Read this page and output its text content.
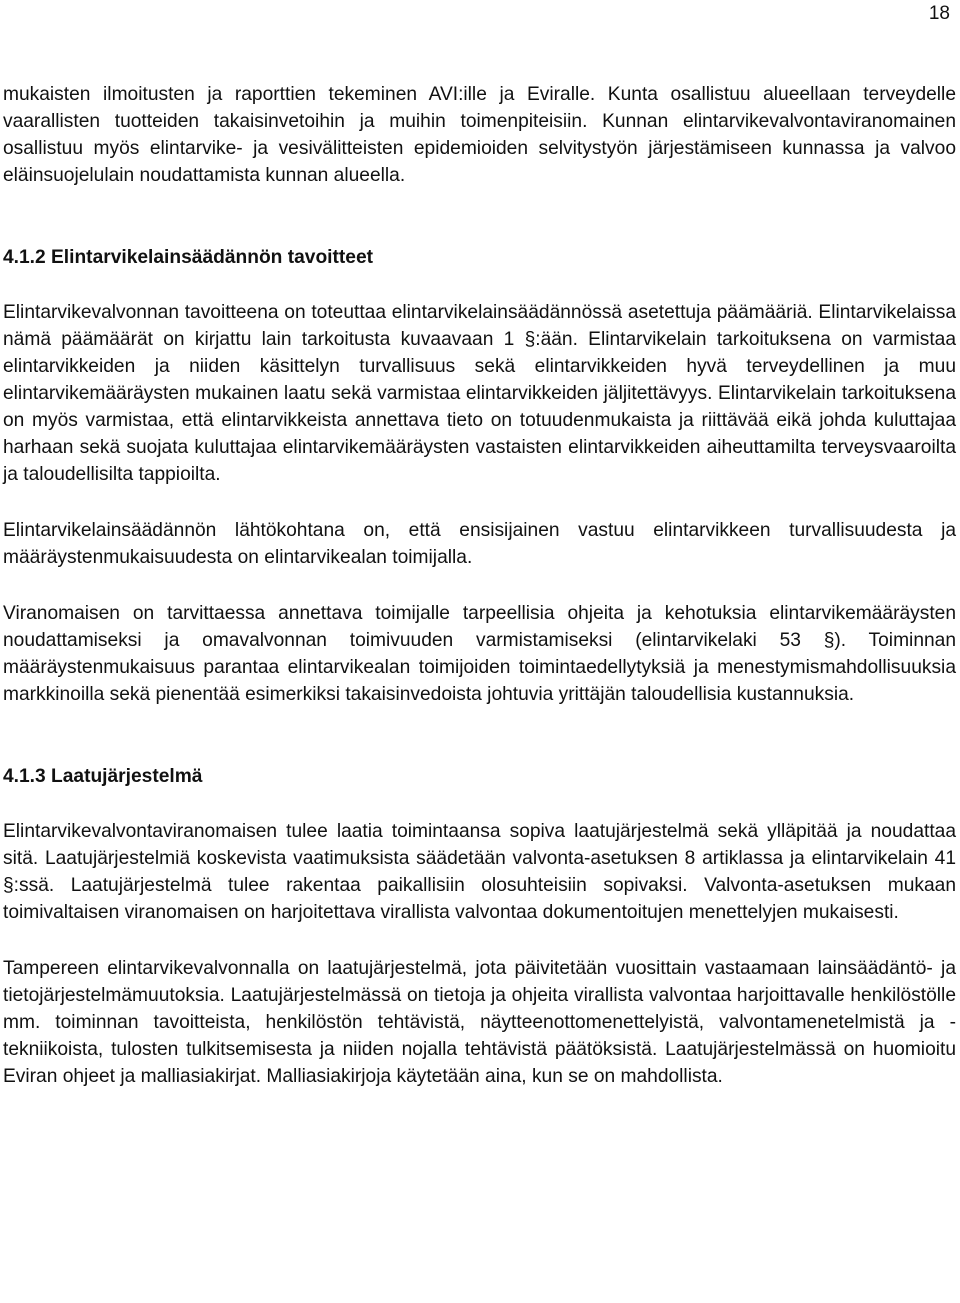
18

mukaisten ilmoitusten ja raporttien tekeminen AVI:ille ja Eviralle. Kunta osallistuu alueellaan terveydelle vaarallisten tuotteiden takaisinvetoihin ja muihin toimenpiteisiin. Kunnan elintarvikevalvontaviranomainen osallistuu myös elintarvike- ja vesivälitteisten epidemioiden selvitystyön järjestämiseen kunnassa ja valvoo eläinsuojelulain noudattamista kunnan alueella.

4.1.2 Elintarvikelainsäädännön tavoitteet

Elintarvikevalvonnan tavoitteena on toteuttaa elintarvikelainsäädännössä asetettuja päämääriä. Elintarvikelaissa nämä päämäärät on kirjattu lain tarkoitusta kuvaavaan 1 §:ään. Elintarvikelain tarkoituksena on varmistaa elintarvikkeiden ja niiden käsittelyn turvallisuus sekä elintarvikkeiden hyvä terveydellinen ja muu elintarvikemääräysten mukainen laatu sekä varmistaa elintarvikkeiden jäljitettävyys. Elintarvikelain tarkoituksena on myös varmistaa, että elintarvikkeista annettava tieto on totuudenmukaista ja riittävää eikä johda kuluttajaa harhaan sekä suojata kuluttajaa elintarvikemääräysten vastaisten elintarvikkeiden aiheuttamilta terveysvaaroilta ja taloudellisilta tappioilta.

Elintarvikelainsäädännön lähtökohtana on, että ensisijainen vastuu elintarvikkeen turvallisuudesta ja määräystenmukaisuudesta on elintarvikealan toimijalla.

Viranomaisen on tarvittaessa annettava toimijalle tarpeellisia ohjeita ja kehotuksia elintarvikemääräysten noudattamiseksi ja omavalvonnan toimivuuden varmistamiseksi (elintarvikelaki 53 §). Toiminnan määräystenmukaisuus parantaa elintarvikealan toimijoiden toimintaedellytyksiä ja menestymismahdollisuuksia markkinoilla sekä pienentää esimerkiksi takaisinvedoista johtuvia yrittäjän taloudellisia kustannuksia.

4.1.3 Laatujärjestelmä

Elintarvikevalvontaviranomaisen tulee laatia toimintaansa sopiva laatujärjestelmä sekä ylläpitää ja noudattaa sitä. Laatujärjestelmiä koskevista vaatimuksista säädetään valvonta-asetuksen 8 artiklassa ja elintarvikelain 41 §:ssä. Laatujärjestelmä tulee rakentaa paikallisiin olosuhteisiin sopivaksi. Valvonta-asetuksen mukaan toimivaltaisen viranomaisen on harjoitettava virallista valvontaa dokumentoitujen menettelyjen mukaisesti.

Tampereen elintarvikevalvonnalla on laatujärjestelmä, jota päivitetään vuosittain vastaamaan lainsäädäntö- ja tietojärjestelmämuutoksia. Laatujärjestelmässä on tietoja ja ohjeita virallista valvontaa harjoittavalle henkilöstölle mm. toiminnan tavoitteista, henkilöstön tehtävistä, näytteenottomenettelyistä, valvontamenetelmistä ja -tekniikoista, tulosten tulkitsemisesta ja niiden nojalla tehtävistä päätöksistä. Laatujärjestelmässä on huomioitu Eviran ohjeet ja malliasiakirjat. Malliasiakirjoja käytetään aina, kun se on mahdollista.
